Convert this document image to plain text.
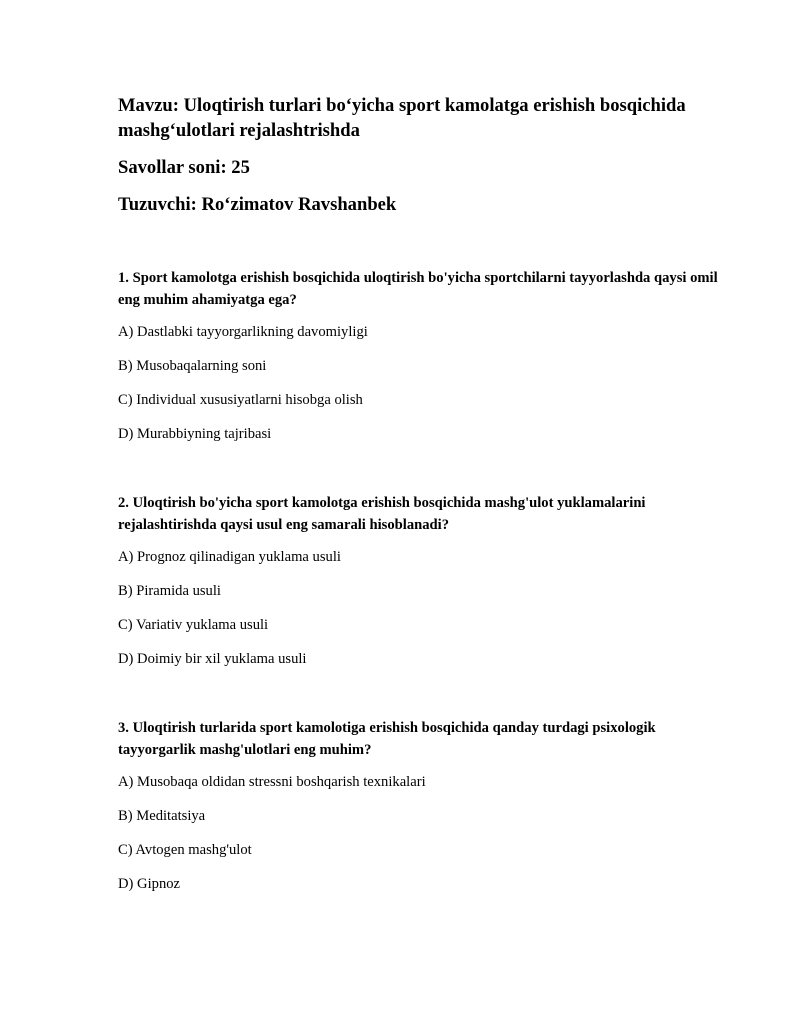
Mavzu: Uloqtirish turlari bo‘yicha sport kamolatga erishish bosqichida mashg‘ulotlari rejalashtrishda

Savollar soni: 25

Tuzuvchi: Ro‘zimatov Ravshanbek

1. Sport kamolotga erishish bosqichida uloqtirish bo'yicha sportchilarni tayyorlashda qaysi omil eng muhim ahamiyatga ega?

A) Dastlabki tayyorgarlikning davomiyligi

B) Musobaqalarning soni

C) Individual xususiyatlarni hisobga olish

D) Murabbiyning tajribasi

2. Uloqtirish bo'yicha sport kamolotga erishish bosqichida mashg'ulot yuklamalarini rejalashtirishda qaysi usul eng samarali hisoblanadi?

A) Prognoz qilinadigan yuklama usuli

B) Piramida usuli

C) Variativ yuklama usuli

D) Doimiy bir xil yuklama usuli

3. Uloqtirish turlarida sport kamolotiga erishish bosqichida qanday turdagi psixologik tayyorgarlik mashg'ulotlari eng muhim?

A) Musobaqa oldidan stressni boshqarish texnikalari

B) Meditatsiya

C) Avtogen mashg'ulot

D) Gipnoz
